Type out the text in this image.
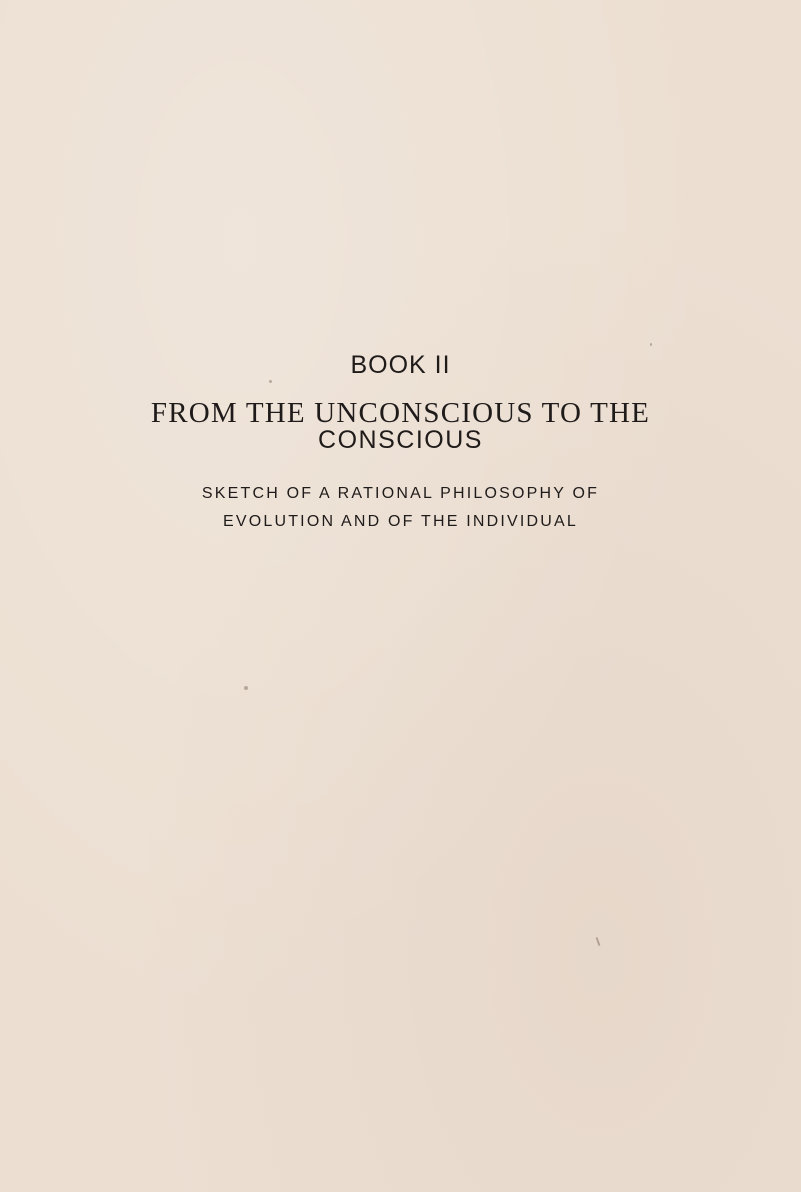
BOOK II
FROM THE UNCONSCIOUS TO THE
CONSCIOUS
SKETCH OF A RATIONAL PHILOSOPHY OF
EVOLUTION AND OF THE INDIVIDUAL
